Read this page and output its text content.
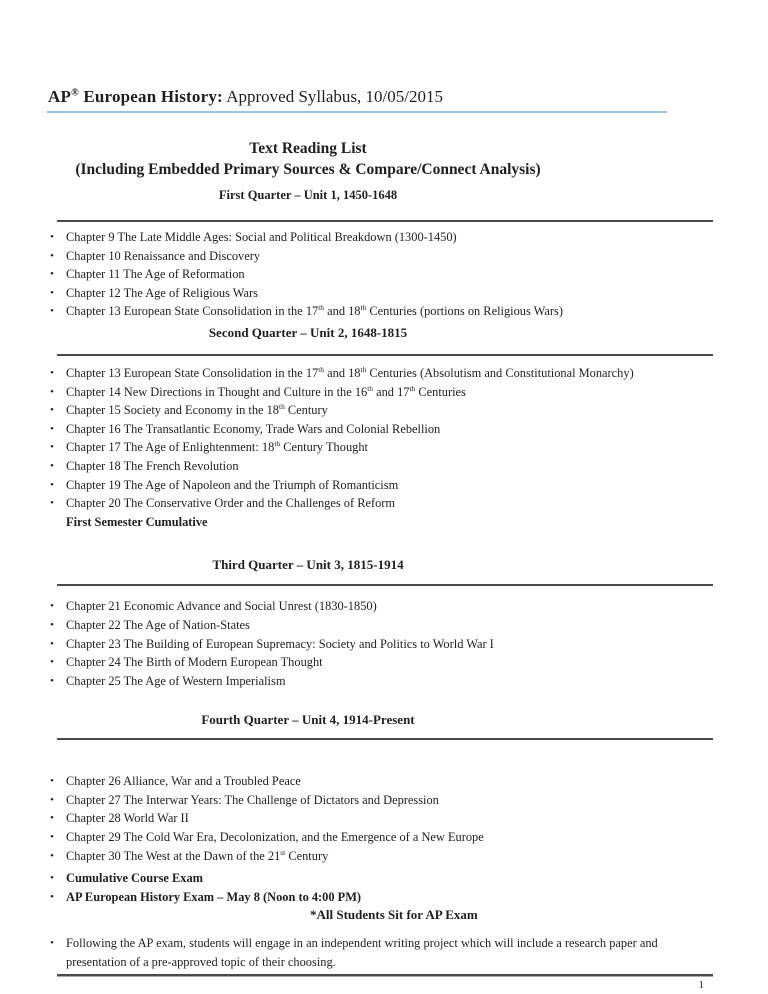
AP® European History: Approved Syllabus, 10/05/2015
Text Reading List
(Including Embedded Primary Sources & Compare/Connect Analysis)
First Quarter – Unit 1, 1450-1648
• Chapter 9 The Late Middle Ages: Social and Political Breakdown (1300-1450)
• Chapter 10 Renaissance and Discovery
• Chapter 11 The Age of Reformation
• Chapter 12 The Age of Religious Wars
• Chapter 13 European State Consolidation in the 17th and 18th Centuries (portions on Religious Wars)
Second Quarter – Unit 2, 1648-1815
• Chapter 13 European State Consolidation in the 17th and 18th Centuries (Absolutism and Constitutional Monarchy)
• Chapter 14 New Directions in Thought and Culture in the 16th and 17th Centuries
• Chapter 15 Society and Economy in the 18th Century
• Chapter 16 The Transatlantic Economy, Trade Wars and Colonial Rebellion
• Chapter 17 The Age of Enlightenment: 18th Century Thought
• Chapter 18 The French Revolution
• Chapter 19 The Age of Napoleon and the Triumph of Romanticism
• Chapter 20 The Conservative Order and the Challenges of Reform
First Semester Cumulative
Third Quarter – Unit 3, 1815-1914
• Chapter 21 Economic Advance and Social Unrest (1830-1850)
• Chapter 22 The Age of Nation-States
• Chapter 23 The Building of European Supremacy: Society and Politics to World War I
• Chapter 24 The Birth of Modern European Thought
• Chapter 25 The Age of Western Imperialism
Fourth Quarter – Unit 4, 1914-Present
• Chapter 26 Alliance, War and a Troubled Peace
• Chapter 27 The Interwar Years: The Challenge of Dictators and Depression
• Chapter 28 World War II
• Chapter 29 The Cold War Era, Decolonization, and the Emergence of a New Europe
• Chapter 30 The West at the Dawn of the 21st Century
• Cumulative Course Exam
• AP European History Exam – May 8 (Noon to 4:00 PM)
*All Students Sit for AP Exam
• Following the AP exam, students will engage in an independent writing project which will include a research paper and presentation of a pre-approved topic of their choosing.
1
